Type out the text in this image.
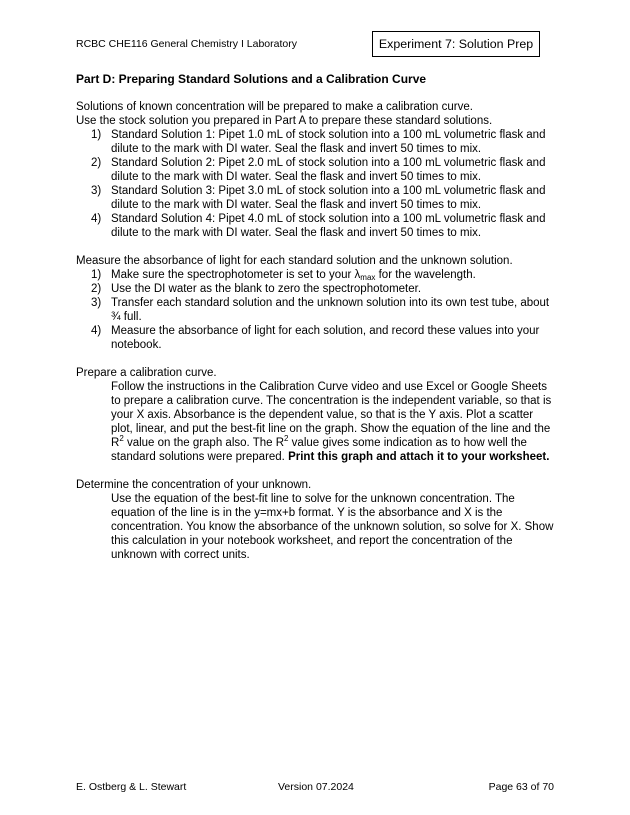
RCBC CHE116 General Chemistry I Laboratory	Experiment 7: Solution Prep
Part D: Preparing Standard Solutions and a Calibration Curve

Solutions of known concentration will be prepared to make a calibration curve.

Use the stock solution you prepared in Part A to prepare these standard solutions.

1) Standard Solution 1: Pipet 1.0 mL of stock solution into a 100 mL volumetric flask and dilute to the mark with DI water. Seal the flask and invert 50 times to mix.
2) Standard Solution 2: Pipet 2.0 mL of stock solution into a 100 mL volumetric flask and dilute to the mark with DI water. Seal the flask and invert 50 times to mix.
3) Standard Solution 3: Pipet 3.0 mL of stock solution into a 100 mL volumetric flask and dilute to the mark with DI water. Seal the flask and invert 50 times to mix.
4) Standard Solution 4: Pipet 4.0 mL of stock solution into a 100 mL volumetric flask and dilute to the mark with DI water. Seal the flask and invert 50 times to mix.

Measure the absorbance of light for each standard solution and the unknown solution.

1) Make sure the spectrophotometer is set to your $\lambda_{max}$ for the wavelength.
2) Use the DI water as the blank to zero the spectrophotometer.
3) Transfer each standard solution and the unknown solution into its own test tube, about ¾ full.
4) Measure the absorbance of light for each solution, and record these values into your notebook.

Prepare a calibration curve.

Follow the instructions in the Calibration Curve video and use Excel or Google Sheets to prepare a calibration curve. The concentration is the independent variable, so that is your X axis. Absorbance is the dependent value, so that is the Y axis. Plot a scatter plot, linear, and put the best-fit line on the graph. Show the equation of the line and the $R^2$ value on the graph also. The $R^2$ value gives some indication as to how well the standard solutions were prepared. Print this graph and attach it to your worksheet.

Determine the concentration of your unknown.

Use the equation of the best-fit line to solve for the unknown concentration. The equation of the line is in the y=mx+b format. Y is the absorbance and X is the concentration. You know the absorbance of the unknown solution, so solve for X. Show this calculation in your notebook worksheet, and report the concentration of the unknown with correct units.

E. Ostberg & L. Stewart	Version 07.2024	Page 63 of 70
